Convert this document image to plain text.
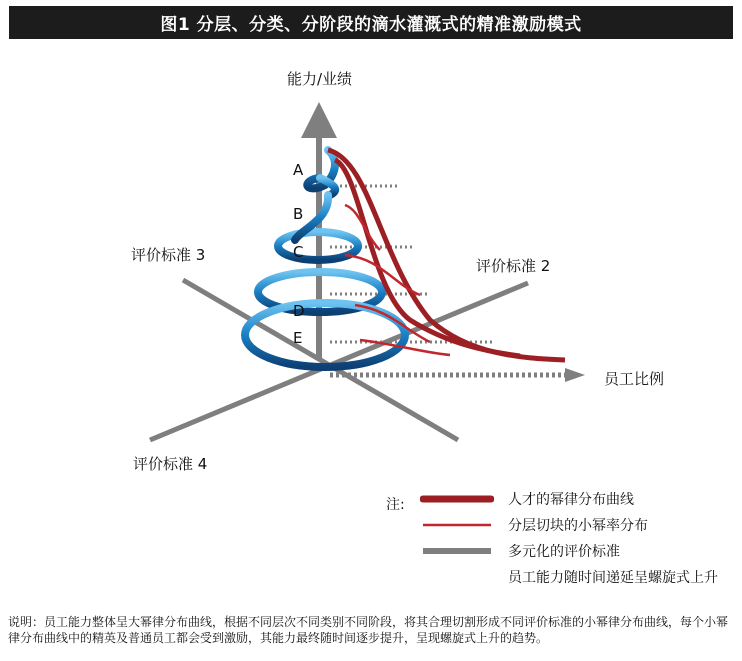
图1 分层、分类、分阶段的滴水灌溉式的精准激励模式
能力/业绩
员工比例
评价标准 2
评价标准 3
评价标准 4
A
B
C
D
E
注:	人才的幂律分布曲线
分层切块的小幂率分布
多元化的评价标准
员工能力随时间递延呈螺旋式上升
说明：员工能力整体呈大幂律分布曲线，根据不同层次不同类别不同阶段，将其合理切割形成不同评价标准的小幂律分布曲线，每个小幂律分布曲线中的精英及普通员工都会受到激励，其能力最终随时间逐步提升，呈现螺旋式上升的趋势。
